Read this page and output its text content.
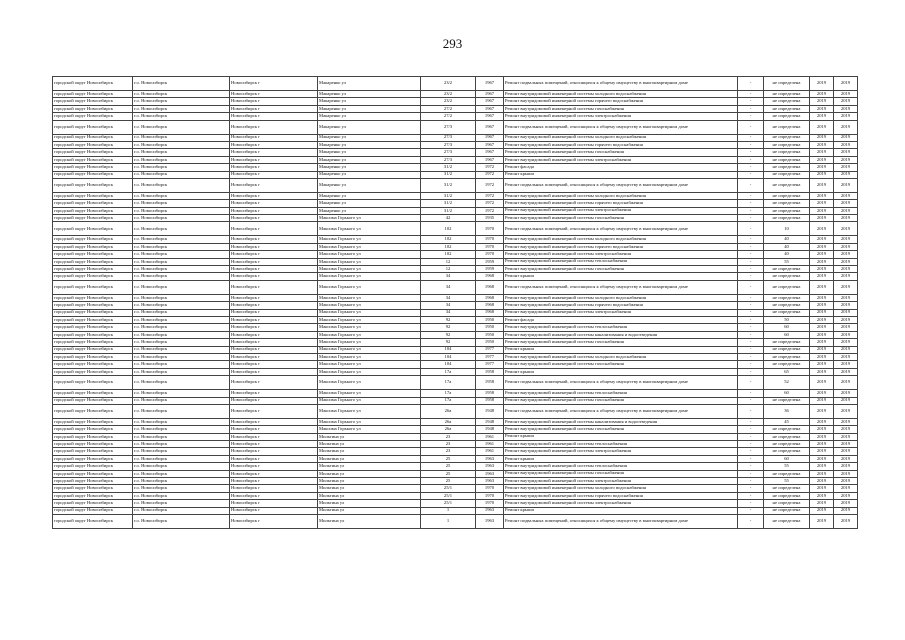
293
городской округ Новосибирск	г.о. Новосибирск	Новосибирск г	Макаренко ул	23/2	1967	Ремонт подвальных помещений, относящихся к общему имуществу в многоквартирном доме	-	не определена	2019	2019
городской округ Новосибирск	г.о. Новосибирск	Новосибирск г	Макаренко ул	23/2	1967	Ремонт внутридомовой инженерной системы холодного водоснабжения	-	не определена	2019	2019
городской округ Новосибирск	г.о. Новосибирск	Новосибирск г	Макаренко ул	23/2	1967	Ремонт внутридомовой инженерной системы горячего водоснабжения	-	не определена	2019	2019
городской округ Новосибирск	г.о. Новосибирск	Новосибирск г	Макаренко ул	27/2	1967	Ремонт внутридомовой инженерной системы газоснабжения	-	не определена	2019	2019
городской округ Новосибирск	г.о. Новосибирск	Новосибирск г	Макаренко ул	27/2	1967	Ремонт внутридомовой инженерной системы электроснабжения	-	не определена	2019	2019
городской округ Новосибирск	г.о. Новосибирск	Новосибирск г	Макаренко ул	27/3	1967	Ремонт подвальных помещений, относящихся к общему имуществу в многоквартирном доме	-	не определена	2019	2019
городской округ Новосибирск	г.о. Новосибирск	Новосибирск г	Макаренко ул	27/3	1967	Ремонт внутридомовой инженерной системы холодного водоснабжения	-	не определена	2019	2019
городской округ Новосибирск	г.о. Новосибирск	Новосибирск г	Макаренко ул	27/3	1967	Ремонт внутридомовой инженерной системы горячего водоснабжения	-	не определена	2019	2019
городской округ Новосибирск	г.о. Новосибирск	Новосибирск г	Макаренко ул	27/3	1967	Ремонт внутридомовой инженерной системы газоснабжения	-	не определена	2019	2019
городской округ Новосибирск	г.о. Новосибирск	Новосибирск г	Макаренко ул	27/3	1967	Ремонт внутридомовой инженерной системы электроснабжения	-	не определена	2019	2019
городской округ Новосибирск	г.о. Новосибирск	Новосибирск г	Макаренко ул	31/2	1972	Ремонт фасада	-	не определена	2019	2019
городской округ Новосибирск	г.о. Новосибирск	Новосибирск г	Макаренко ул	31/2	1972	Ремонт крыши	-	не определена	2019	2019
городской округ Новосибирск	г.о. Новосибирск	Новосибирск г	Макаренко ул	31/2	1972	Ремонт подвальных помещений, относящихся к общему имуществу в многоквартирном доме	-	не определена	2019	2019
городской округ Новосибирск	г.о. Новосибирск	Новосибирск г	Макаренко ул	31/2	1972	Ремонт внутридомовой инженерной системы холодного водоснабжения	-	не определена	2019	2019
городской округ Новосибирск	г.о. Новосибирск	Новосибирск г	Макаренко ул	31/2	1972	Ремонт внутридомовой инженерной системы горячего водоснабжения	-	не определена	2019	2019
городской округ Новосибирск	г.о. Новосибирск	Новосибирск г	Макаренко ул	31/2	1972	Ремонт внутридомовой инженерной системы электроснабжения	-	не определена	2019	2019
городской округ Новосибирск	г.о. Новосибирск	Новосибирск г	Максима Горького ул	42	1935	Ремонт внутридомовой инженерной системы газоснабжения	-	не определена	2019	2019
городской округ Новосибирск	г.о. Новосибирск	Новосибирск г	Максима Горького ул	102	1970	Ремонт подвальных помещений, относящихся к общему имуществу в многоквартирном доме	-	10	2019	2019
городской округ Новосибирск	г.о. Новосибирск	Новосибирск г	Максима Горького ул	102	1970	Ремонт внутридомовой инженерной системы холодного водоснабжения	-	40	2019	2019
городской округ Новосибирск	г.о. Новосибирск	Новосибирск г	Максима Горького ул	102	1970	Ремонт внутридомовой инженерной системы горячего водоснабжения	-	40	2019	2019
городской округ Новосибирск	г.о. Новосибирск	Новосибирск г	Максима Горького ул	102	1970	Ремонт внутридомовой инженерной системы электроснабжения	-	40	2019	2019
городской округ Новосибирск	г.о. Новосибирск	Новосибирск г	Максима Горького ул	12	1959	Ремонт внутридомовой инженерной системы теплоснабжения	-	55	2019	2019
городской округ Новосибирск	г.о. Новосибирск	Новосибирск г	Максима Горького ул	12	1959	Ремонт внутридомовой инженерной системы газоснабжения	-	не определена	2019	2019
городской округ Новосибирск	г.о. Новосибирск	Новосибирск г	Максима Горького ул	34	1968	Ремонт крыши	-	не определена	2019	2019
городской округ Новосибирск	г.о. Новосибирск	Новосибирск г	Максима Горького ул	34	1968	Ремонт подвальных помещений, относящихся к общему имуществу в многоквартирном доме	-	не определена	2019	2019
городской округ Новосибирск	г.о. Новосибирск	Новосибирск г	Максима Горького ул	34	1968	Ремонт внутридомовой инженерной системы холодного водоснабжения	-	не определена	2019	2019
городской округ Новосибирск	г.о. Новосибирск	Новосибирск г	Максима Горького ул	34	1968	Ремонт внутридомовой инженерной системы горячего водоснабжения	-	не определена	2019	2019
городской округ Новосибирск	г.о. Новосибирск	Новосибирск г	Максима Горького ул	34	1968	Ремонт внутридомовой инженерной системы электроснабжения	-	не определена	2019	2019
городской округ Новосибирск	г.о. Новосибирск	Новосибирск г	Максима Горького ул	92	1950	Ремонт фасада	-	50	2019	2019
городской округ Новосибирск	г.о. Новосибирск	Новосибирск г	Максима Горького ул	92	1950	Ремонт внутридомовой инженерной системы теплоснабжения	-	60	2019	2019
городской округ Новосибирск	г.о. Новосибирск	Новосибирск г	Максима Горького ул	92	1950	Ремонт внутридомовой инженерной системы канализования и водоотведения	-	60	2019	2019
городской округ Новосибирск	г.о. Новосибирск	Новосибирск г	Максима Горького ул	92	1950	Ремонт внутридомовой инженерной системы газоснабжения	-	не определена	2019	2019
городской округ Новосибирск	г.о. Новосибирск	Новосибирск г	Максима Горького ул	104	1977	Ремонт крыши	-	не определена	2019	2019
городской округ Новосибирск	г.о. Новосибирск	Новосибирск г	Максима Горького ул	104	1977	Ремонт внутридомовой инженерной системы холодного водоснабжения	-	не определена	2019	2019
городской округ Новосибирск	г.о. Новосибирск	Новосибирск г	Максима Горького ул	104	1977	Ремонт внутридомовой инженерной системы газоснабжения	-	не определена	2019	2019
городской округ Новосибирск	г.о. Новосибирск	Новосибирск г	Максима Горького ул	17а	1958	Ремонт крыши	-	65	2019	2019
городской округ Новосибирск	г.о. Новосибирск	Новосибирск г	Максима Горького ул	17а	1958	Ремонт подвальных помещений, относящихся к общему имуществу в многоквартирном доме	-	52	2019	2019
городской округ Новосибирск	г.о. Новосибирск	Новосибирск г	Максима Горького ул	17а	1958	Ремонт внутридомовой инженерной системы теплоснабжения	-	60	2019	2019
городской округ Новосибирск	г.о. Новосибирск	Новосибирск г	Максима Горького ул	17а	1958	Ремонт внутридомовой инженерной системы газоснабжения	-	не определена	2019	2019
городской округ Новосибирск	г.о. Новосибирск	Новосибирск г	Максима Горького ул	26а	1948	Ремонт подвальных помещений, относящихся к общему имуществу в многоквартирном доме	-	36	2019	2019
городской округ Новосибирск	г.о. Новосибирск	Новосибирск г	Максима Горького ул	26а	1948	Ремонт внутридомовой инженерной системы канализования и водоотведения	-	45	2019	2019
городской округ Новосибирск	г.о. Новосибирск	Новосибирск г	Максима Горького ул	26а	1948	Ремонт внутридомовой инженерной системы газоснабжения	-	не определена	2019	2019
городской округ Новосибирск	г.о. Новосибирск	Новосибирск г	Мильтина ул	23	1961	Ремонт крыши	-	не определена	2019	2019
городской округ Новосибирск	г.о. Новосибирск	Новосибирск г	Мильтина ул	23	1961	Ремонт внутридомовой инженерной системы теплоснабжения	-	не определена	2019	2019
городской округ Новосибирск	г.о. Новосибирск	Новосибирск г	Мильтина ул	23	1961	Ремонт внутридомовой инженерной системы электроснабжения	-	не определена	2019	2019
городской округ Новосибирск	г.о. Новосибирск	Новосибирск г	Мильтина ул	25	1963	Ремонт крыши	-	60	2019	2019
городской округ Новосибирск	г.о. Новосибирск	Новосибирск г	Мильтина ул	25	1963	Ремонт внутридомовой инженерной системы теплоснабжения	-	55	2019	2019
городской округ Новосибирск	г.о. Новосибирск	Новосибирск г	Мильтина ул	25	1963	Ремонт внутридомовой инженерной системы газоснабжения	-	не определена	2019	2019
городской округ Новосибирск	г.о. Новосибирск	Новосибирск г	Мильтина ул	25	1963	Ремонт внутридомовой инженерной системы электроснабжения	-	55	2019	2019
городской округ Новосибирск	г.о. Новосибирск	Новосибирск г	Мильтина ул	25/1	1970	Ремонт внутридомовой инженерной системы холодного водоснабжения	-	не определена	2019	2019
городской округ Новосибирск	г.о. Новосибирск	Новосибирск г	Мильтина ул	25/1	1970	Ремонт внутридомовой инженерной системы горячего водоснабжения	-	не определена	2019	2019
городской округ Новосибирск	г.о. Новосибирск	Новосибирск г	Мильтина ул	25/1	1970	Ремонт внутридомовой инженерной системы электроснабжения	-	не определена	2019	2019
городской округ Новосибирск	г.о. Новосибирск	Новосибирск г	Мильтина ул	1	1963	Ремонт крыши	-	не определена	2019	2019
городской округ Новосибирск	г.о. Новосибирск	Новосибирск г	Мильтина ул	1	1963	Ремонт подвальных помещений, относящихся к общему имуществу в многоквартирном доме	-	не определена	2019	2019
